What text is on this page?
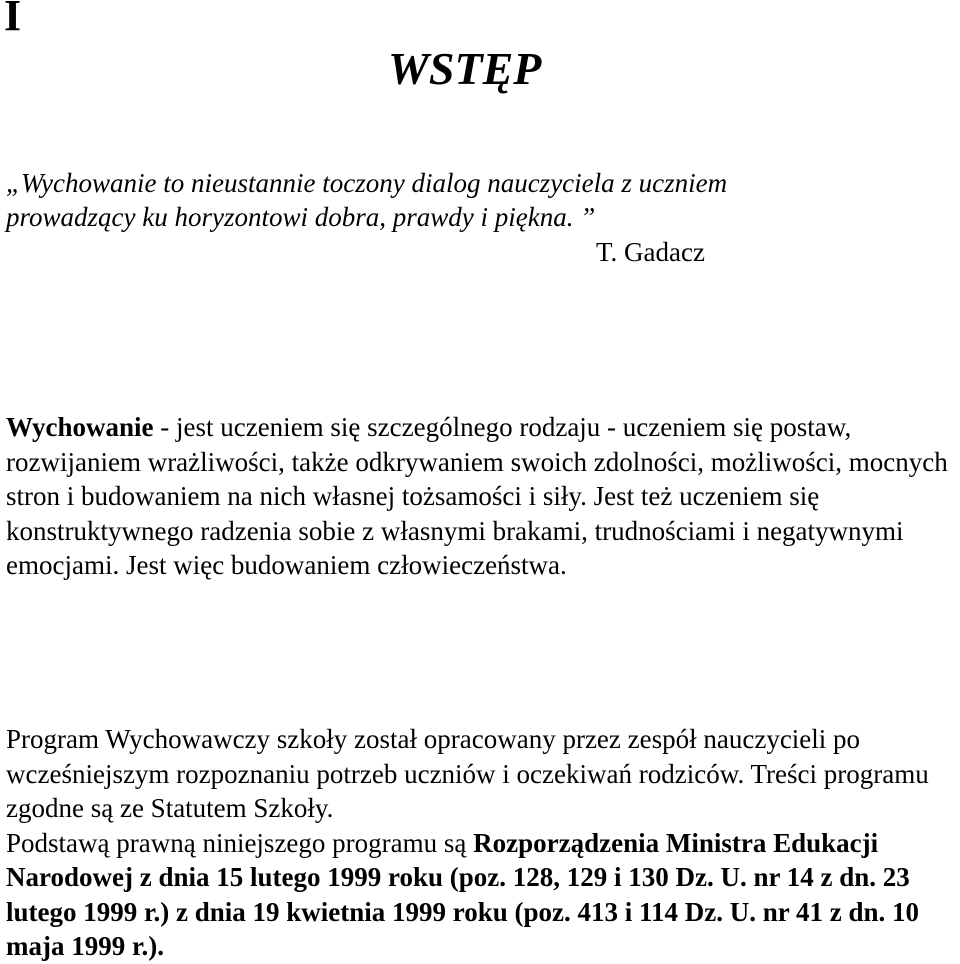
I
WSTĘP
„Wychowanie to nieustannie toczony dialog nauczyciela z uczniem
prowadzący ku horyzontowi dobra, prawdy i piękna. ”
T. Gadacz

Wychowanie - jest uczeniem się szczególnego rodzaju - uczeniem się postaw, rozwijaniem wrażliwości, także odkrywaniem swoich zdolności, możliwości, mocnych stron i budowaniem na nich własnej tożsamości i siły. Jest też uczeniem się konstruktywnego radzenia sobie z własnymi brakami, trudnościami i negatywnymi emocjami. Jest więc budowaniem człowieczeństwa.

Program Wychowawczy szkoły został opracowany przez zespół nauczycieli po wcześniejszym rozpoznaniu potrzeb uczniów i oczekiwań rodziców. Treści programu zgodne są ze Statutem Szkoły.
Podstawą prawną niniejszego programu są Rozporządzenia Ministra Edukacji Narodowej z dnia 15 lutego 1999 roku (poz. 128, 129 i 130 Dz. U. nr 14 z dn. 23 lutego 1999 r.) z dnia 19 kwietnia 1999 roku (poz. 413 i 114 Dz. U. nr 41 z dn. 10 maja 1999 r.).
